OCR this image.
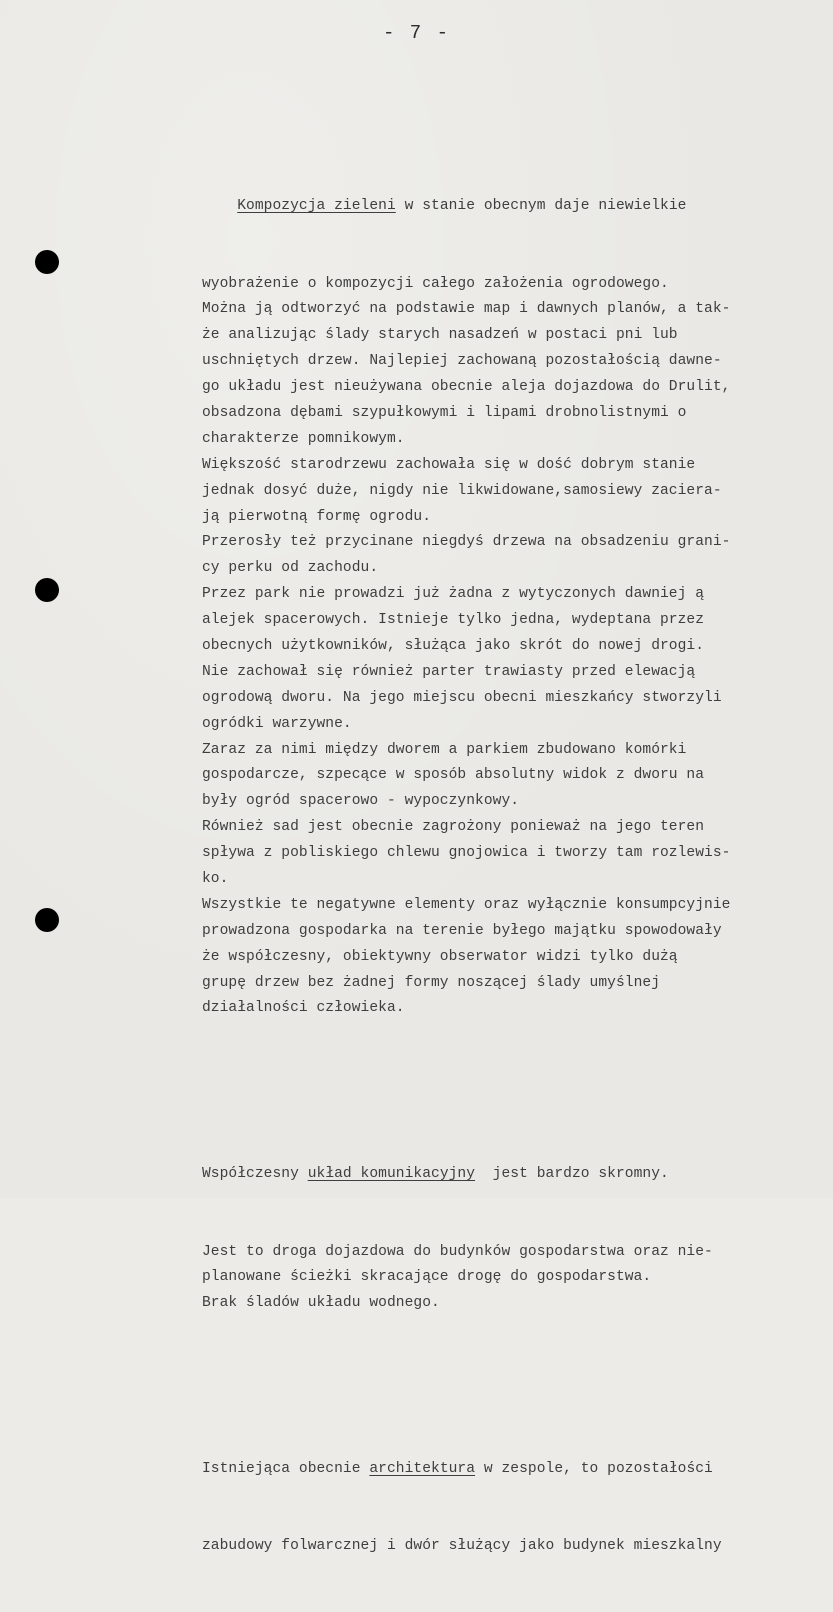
- 7 -

Kompozycja zieleni w stanie obecnym daje niewielkie

wyobrażenie o kompozycji całego założenia ogrodowego.
Można ją odtworzyć na podstawie map i dawnych planów, a tak-
że analizując ślady starych nasadzeń w postaci pni lub
uschniętych drzew. Najlepiej zachowaną pozostałością dawne-
go układu jest nieużywana obecnie aleja dojazdowa do Drulit,
obsadzona dębami szypułkowymi i lipami drobnolistnymi o
charakterze pomnikowym.
Większość starodrzewu zachowała się w dość dobrym stanie
jednak dosyć duże, nigdy nie likwidowane,samosiewy zaciera-
ją pierwotną formę ogrodu.
Przerosły też przycinane niegdyś drzewa na obsadzeniu grani-
cy perku od zachodu.
Przez park nie prowadzi już żadna z wytyczonych dawniej ą
alejek spacerowych. Istnieje tylko jedna, wydeptana przez
obecnych użytkowników, służąca jako skrót do nowej drogi.
Nie zachował się również parter trawiasty przed elewacją
ogrodową dworu. Na jego miejscu obecni mieszkańcy stworzyli
ogródki warzywne.
Zaraz za nimi między dworem a parkiem zbudowano komórki
gospodarcze, szpecące w sposób absolutny widok z dworu na
były ogród spacerowo - wypoczynkowy.
Również sad jest obecnie zagrożony ponieważ na jego teren
spływa z pobliskiego chlewu gnojowica i tworzy tam rozlewis-
ko.
Wszystkie te negatywne elementy oraz wyłącznie konsumpcyjnie
prowadzona gospodarka na terenie byłego majątku spowodowały
że współczesny, obiektywny obserwator widzi tylko dużą
grupę drzew bez żadnej formy noszącej ślady umyślnej
działalności człowieka.

Współczesny układ komunikacyjny  jest bardzo skromny.

Jest to droga dojazdowa do budynków gospodarstwa oraz nie-
planowane ścieżki skracające drogę do gospodarstwa.
Brak śladów układu wodnego.

Istniejąca obecnie architektura w zespole, to pozostałości

zabudowy folwarcznej i dwór służący jako budynek mieszkalny
